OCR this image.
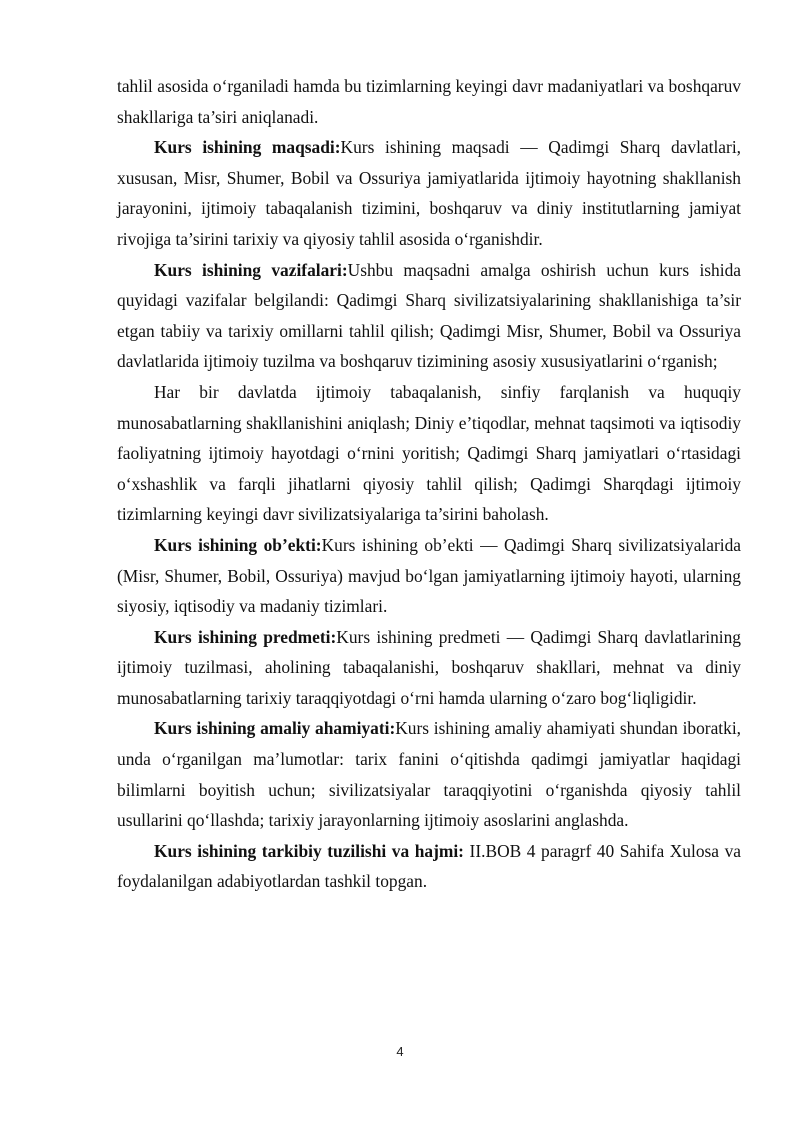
tahlil asosida o‘rganiladi hamda bu tizimlarning keyingi davr madaniyatlari va boshqaruv shakllariga ta’siri aniqlanadi.

Kurs ishining maqsadi:Kurs ishining maqsadi — Qadimgi Sharq davlatlari, xususan, Misr, Shumer, Bobil va Ossuriya jamiyatlarida ijtimoiy hayotning shakllanish jarayonini, ijtimoiy tabaqalanish tizimini, boshqaruv va diniy institutlarning jamiyat rivojiga ta’sirini tarixiy va qiyosiy tahlil asosida o‘rganishdir.

Kurs ishining vazifalari:Ushbu maqsadni amalga oshirish uchun kurs ishida quyidagi vazifalar belgilandi: Qadimgi Sharq sivilizatsiyalarining shakllanishiga ta’sir etgan tabiiy va tarixiy omillarni tahlil qilish; Qadimgi Misr, Shumer, Bobil va Ossuriya davlatlarida ijtimoiy tuzilma va boshqaruv tizimining asosiy xususiyatlarini o‘rganish;

Har bir davlatda ijtimoiy tabaqalanish, sinfiy farqlanish va huquqiy munosabatlarning shakllanishini aniqlash; Diniy e’tiqodlar, mehnat taqsimoti va iqtisodiy faoliyatning ijtimoiy hayotdagi o‘rnini yoritish; Qadimgi Sharq jamiyatlari o‘rtasidagi o‘xshashlik va farqli jihatlarni qiyosiy tahlil qilish; Qadimgi Sharqdagi ijtimoiy tizimlarning keyingi davr sivilizatsiyalariga ta’sirini baholash.

Kurs ishining ob’ekti:Kurs ishining ob’ekti — Qadimgi Sharq sivilizatsiyalarida (Misr, Shumer, Bobil, Ossuriya) mavjud bo‘lgan jamiyatlarning ijtimoiy hayoti, ularning siyosiy, iqtisodiy va madaniy tizimlari.

Kurs ishining predmeti:Kurs ishining predmeti — Qadimgi Sharq davlatlarining ijtimoiy tuzilmasi, aholining tabaqalanishi, boshqaruv shakllari, mehnat va diniy munosabatlarning tarixiy taraqqiyotdagi o‘rni hamda ularning o‘zaro bog‘liqligidir.

Kurs ishining amaliy ahamiyati:Kurs ishining amaliy ahamiyati shundan iboratki, unda o‘rganilgan ma’lumotlar: tarix fanini o‘qitishda qadimgi jamiyatlar haqidagi bilimlarni boyitish uchun; sivilizatsiyalar taraqqiyotini o‘rganishda qiyosiy tahlil usullarini qo‘llashda; tarixiy jarayonlarning ijtimoiy asoslarini anglashda.

Kurs ishining tarkibiy tuzilishi va hajmi: II.BOB 4 paragrf 40 Sahifa Xulosa va foydalanilgan adabiyotlardan tashkil topgan.

4
